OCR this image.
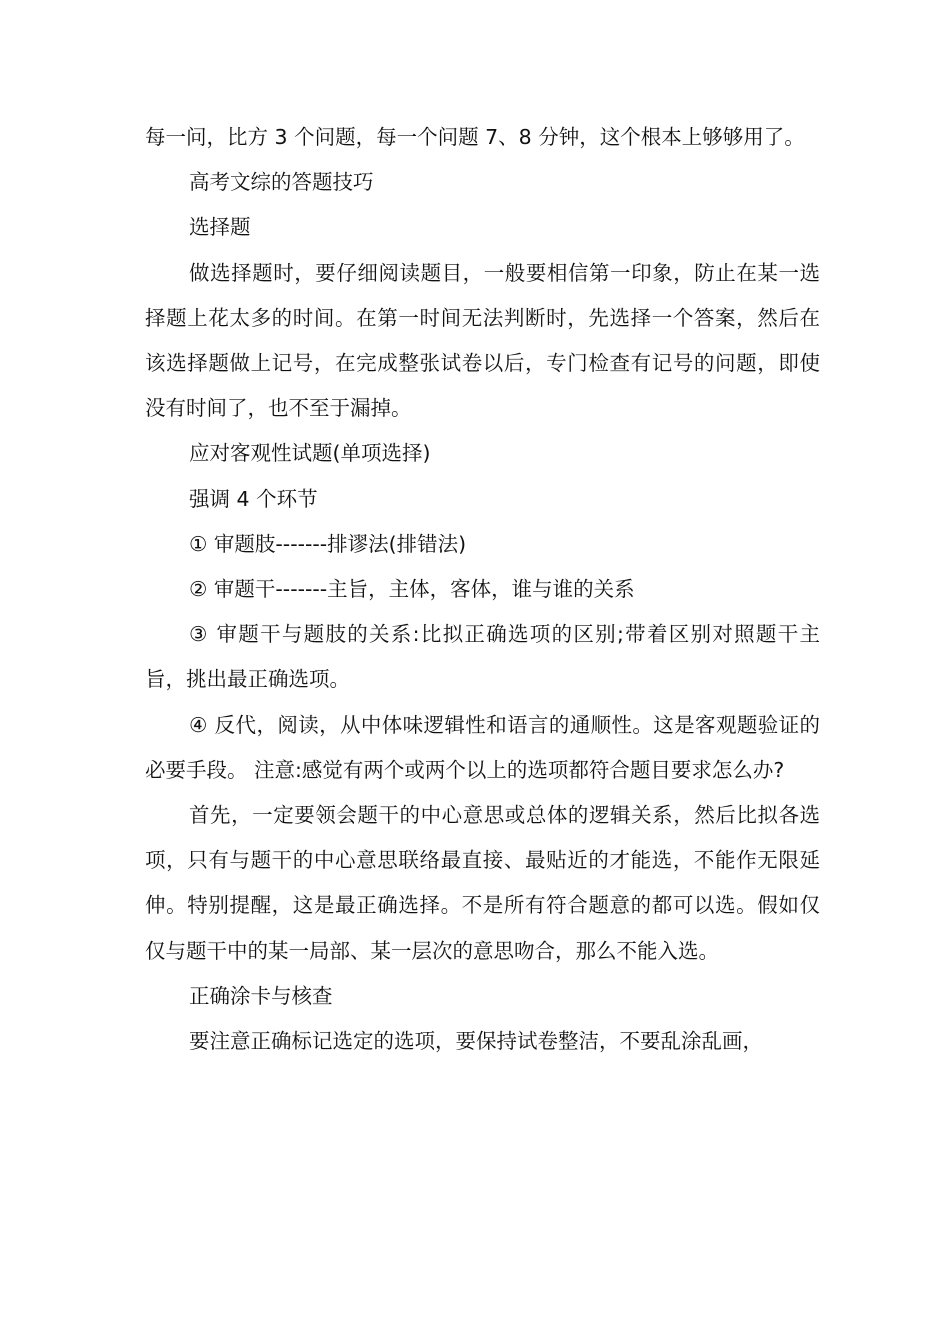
每一问，比方 3 个问题，每一个问题 7、8 分钟，这个根本上够够用了。

高考文综的答题技巧

选择题

做选择题时，要仔细阅读题目，一般要相信第一印象，防止在某一选择题上花太多的时间。在第一时间无法判断时，先选择一个答案，然后在该选择题做上记号，在完成整张试卷以后，专门检查有记号的问题，即使没有时间了，也不至于漏掉。

应对客观性试题(单项选择)

强调 4 个环节

① 审题肢-------排谬法(排错法)

② 审题干-------主旨，主体，客体，谁与谁的关系

③ 审题干与题肢的关系:比拟正确选项的区别;带着区别对照题干主旨，挑出最正确选项。

④ 反代，阅读，从中体味逻辑性和语言的通顺性。这是客观题验证的必要手段。 注意:感觉有两个或两个以上的选项都符合题目要求怎么办?

首先，一定要领会题干的中心意思或总体的逻辑关系，然后比拟各选项，只有与题干的中心意思联络最直接、最贴近的才能选，不能作无限延伸。特别提醒，这是最正确选择。不是所有符合题意的都可以选。假如仅仅与题干中的某一局部、某一层次的意思吻合，那么不能入选。

正确涂卡与核查

要注意正确标记选定的选项，要保持试卷整洁，不要乱涂乱画，
